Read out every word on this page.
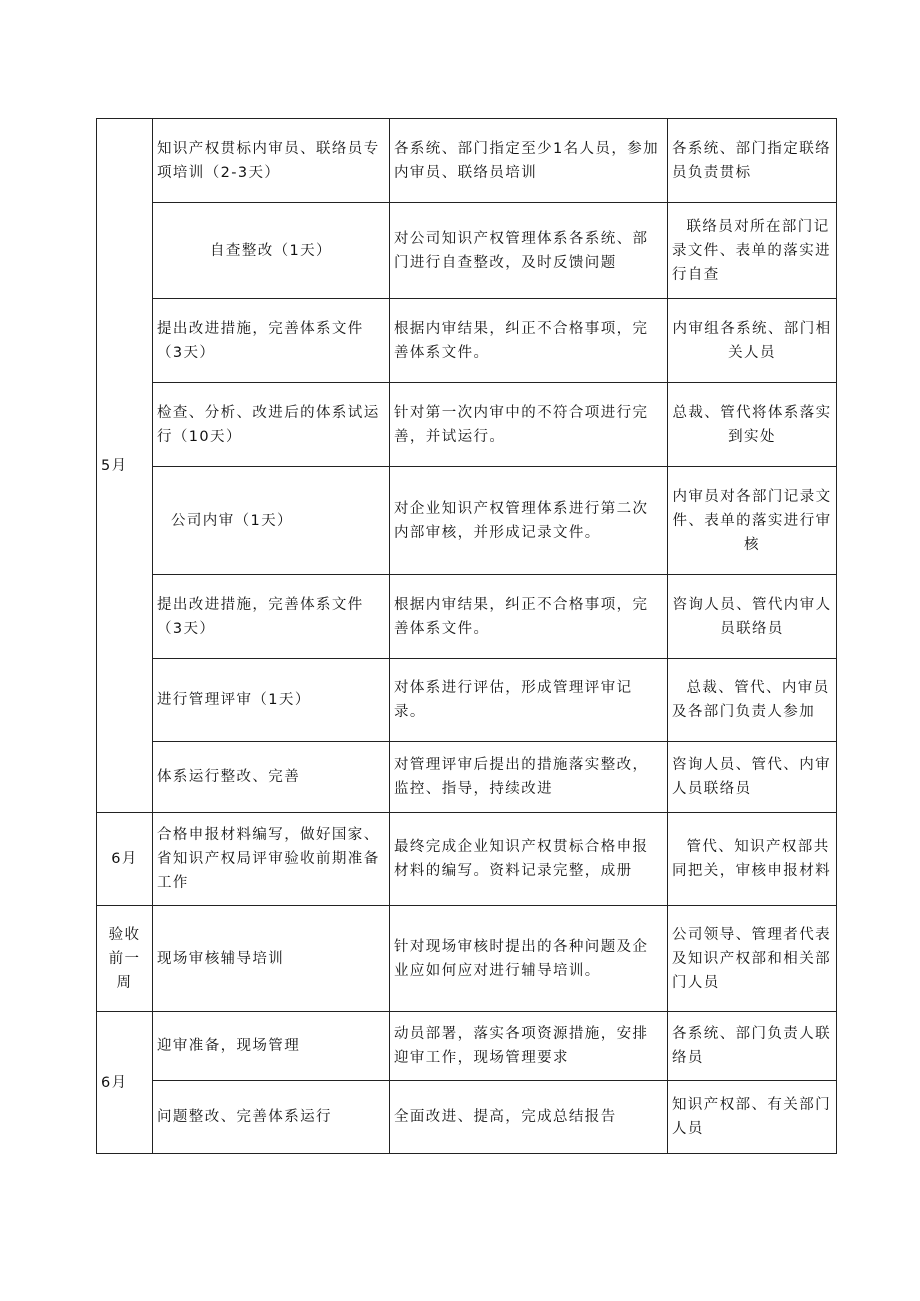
5月	知识产权贯标内审员、联络员专项培训（2-3天）	各系统、部门指定至少1名人员，参加内审员、联络员培训	各系统、部门指定联络员负责贯标
	自查整改（1天）	对公司知识产权管理体系各系统、部门进行自查整改，及时反馈问题	联络员对所在部门记录文件、表单的落实进行自查
	提出改进措施，完善体系文件（3天）	根据内审结果，纠正不合格事项，完善体系文件。	内审组各系统、部门相关人员
	检查、分析、改进后的体系试运行（10天）	针对第一次内审中的不符合项进行完善，并试运行。	总裁、管代将体系落实到实处
	公司内审（1天）	对企业知识产权管理体系进行第二次内部审核，并形成记录文件。	内审员对各部门记录文件、表单的落实进行审核
	提出改进措施，完善体系文件（3天）	根据内审结果，纠正不合格事项，完善体系文件。	咨询人员、管代内审人员联络员
	进行管理评审（1天）	对体系进行评估，形成管理评审记录。	总裁、管代、内审员及各部门负责人参加
	体系运行整改、完善	对管理评审后提出的措施落实整改，监控、指导，持续改进	咨询人员、管代、内审人员联络员
6月	合格申报材料编写，做好国家、省知识产权局评审验收前期准备工作	最终完成企业知识产权贯标合格申报材料的编写。资料记录完整，成册	管代、知识产权部共同把关，审核申报材料
验收前一周	现场审核辅导培训	针对现场审核时提出的各种问题及企业应如何应对进行辅导培训。	公司领导、管理者代表及知识产权部和相关部门人员
6月	迎审准备，现场管理	动员部署，落实各项资源措施，安排迎审工作，现场管理要求	各系统、部门负责人联络员
	问题整改、完善体系运行	全面改进、提高，完成总结报告	知识产权部、有关部门人员
